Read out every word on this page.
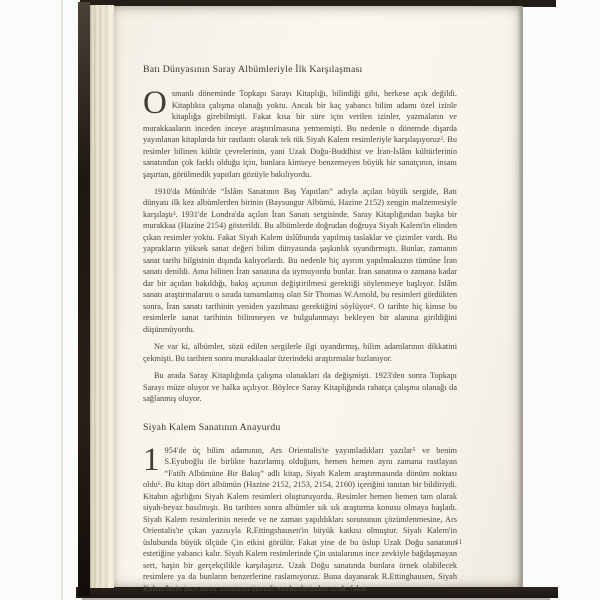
Batı Dünyasının Saray Albümleriyle İlk Karşılaşması

Osmanlı döneminde Topkapı Sarayı Kitaplığı, bilindiği gibi, herkese açık değildi. Kitaplıkta çalışma olanağı yoktu. Ancak bir kaç yabancı bilim adamı özel izinle kitaplığa girebilmişti. Fakat kısa bir süre için verilen izinler, yazmaların ve murakkaaların inceden inceye araştırılmasına yetmemişti. Bu nedenle o dönemde dışarda yayınlanan kitaplarda bir rastlantı olarak tek tük Siyah Kalem resimleriyle karşılaşıyoruz². Bu resimler bilinen kültür çevrelerinin, yani Uzak Doğu-Buddhist ve İran-İslâm kültürlerinin sanatından çok farklı olduğu için, bunlara kimseye benzemeyen büyük bir sanatçının, insanı şaşırtan, görülmedik yapıtları gözüyle bakılıyordu.

1910'da Münih'de “İslâm Sanatının Baş Yapıtları” adıyla açılan büyük sergide, Batı dünyası ilk kez albümlerden birinin (Baysungur Albümü, Hazine 2152) zengin malzemesiyle karşılaştı³. 1931'de Londra'da açılan İran Sanatı sergisinde, Saray Kitaplığından başka bir murakkaa (Hazine 2154) gösterildi. Bu albümlerde doğrudan doğruya Siyah Kalem'in elinden çıkan resimler yoktu. Fakat Siyah Kalem üslûbunda yapılmış taslaklar ve çizimler vardı. Bu yaprakların yüksek sanat değeri bilim dünyasında şaşkınlık uyandırmıştı. Bunlar, zamanın sanat tarihi bilgisinin dışında kalıyorlardı. Bu nedenle hiç ayırım yapılmaksızın tümüne İran sanatı denildi. Ama bilinen İran sanatına da uymuyordu bunlar. İran sanatına o zamana kadar dar bir açıdan bakıldığı, bakış açısının değiştirilmesi gerektiği söylenmeye başlıyor. İslâm sanatı araştırmalarını o sırada tamamlamış olan Sir Thomas W.Arnold, bu resimleri gördükten sonra, İran sanatı tarihinin yeniden yazılması gerektiğini söylüyor⁴. O tarihte hiç kimse bu resimlerle sanat tarihinin bilinmeyen ve bulgulanmayı bekleyen bir alanına girildiğini düşünmüyordu.

Ne var ki, albümler, sözü edilen sergilerle ilgi uyandırmış, bilim adamlarının dikkatini çekmişti. Bu tarihten sonra murakkaalar üzerindeki araştırmalar hızlanıyor.

Bu arada Saray Kitaplığında çalışma olanakları da değişmişti. 1923'den sonra Topkapı Sarayı müze oluyor ve halka açılıyor. Böylece Saray Kitaplığında rahatça çalışma olanağı da sağlanmış oluyor.

Siyah Kalem Sanatının Anayurdu

1 954'de üç bilim adamının, Ars Orientalis'te yayımladıkları yazılar⁵ ve benim S.Eyuboğlu ile birlikte hazırlamış olduğum, hemen hemen aynı zamana rastlayan “Fatih Albümüne Bir Bakış” adlı kitap, Siyah Kalem araştırmasında dönüm noktası oldu⁶. Bu kitap dört albümün (Hazine 2152, 2153, 2154, 2160) içeriğini tanıtan bir bildiriydi. Kitabın ağırlığını Siyah Kalem resimleri oluşturuyordu. Resimler hemen hemen tam olarak siyah-beyaz basılmıştı. Bu tarihten sonra albümler sık sık araştırma konusu olmaya başladı. Siyah Kalem resimlerinin nerede ve ne zaman yapıldıkları sorununun çözümlenmesine, Ars Orientalis'te çıkan yazısıyla R.Ettingshausen'in büyük katkısı olmuştur. Siyah Kalem'in üslubunda büyük ölçüde Çin etkisi görülür. Fakat yine de bu üslup Uzak Doğu sanatının estetiğine yabancı kalır. Siyah Kalem resimlerinde Çin ustalarının ince zevkiyle bağdaşmayan sert, haşin bir gerçekçilikle karşılaşırız. Uzak Doğu sanatında bunlara örnek olabilecek resimlere ya da bunların benzerlerine raslamıyoruz. Buna dayanarak R.Ettinghausen, Siyah Kalem'lerin ince saray sanatının önemli merkezlerinden uzak, fakat

11
